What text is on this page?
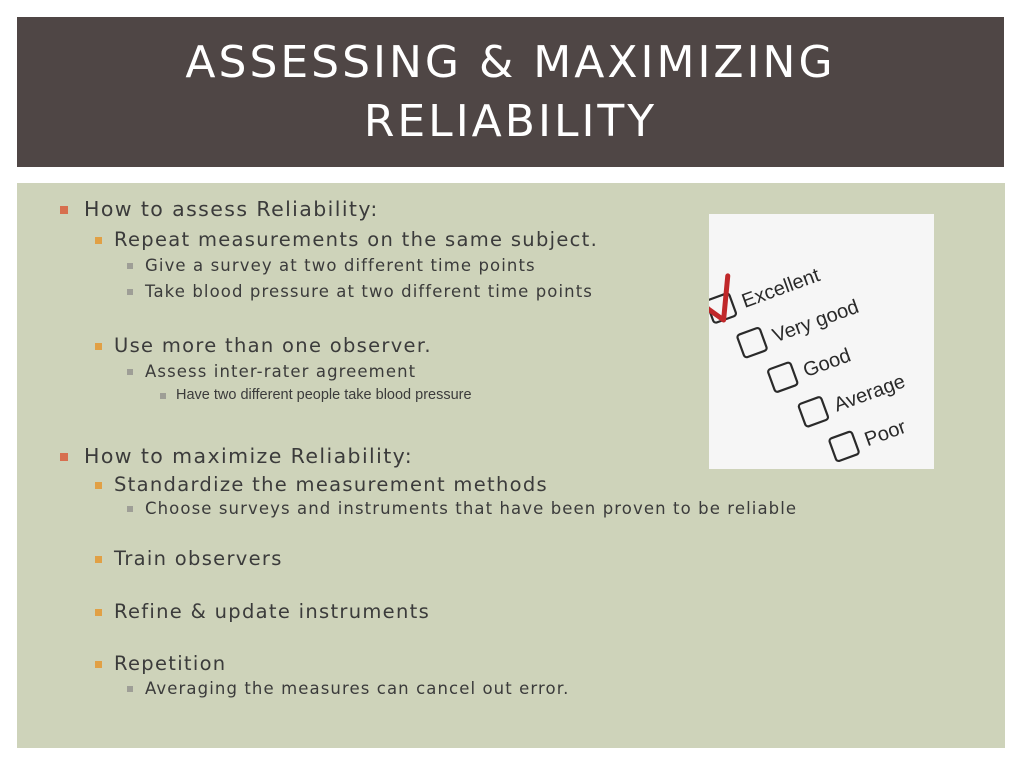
ASSESSING & MAXIMIZING RELIABILITY
How to assess Reliability:
Repeat measurements on the same subject.
Give a survey at two different time points
Take blood pressure at two different time points
Use more than one observer.
Assess inter-rater agreement
Have two different people take blood pressure
How to maximize Reliability:
Standardize the measurement methods
Choose surveys and instruments that have been proven to be reliable
Train observers
Refine & update instruments
Repetition
Averaging the measures can cancel out error.
Excellent
Very good
Good
Average
Poor
